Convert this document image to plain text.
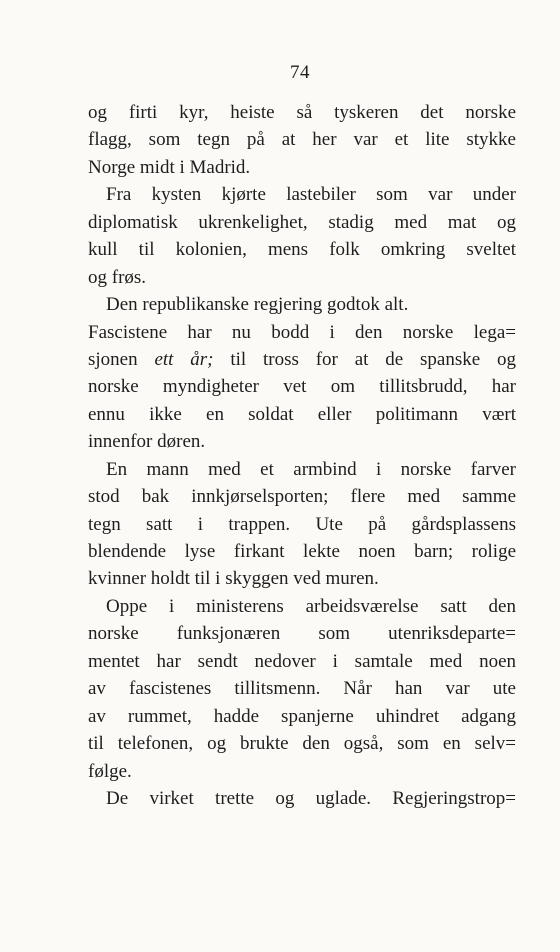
74
og firti kyr, heiste så tyskeren det norske
flagg, som tegn på at her var et lite stykke
Norge midt i Madrid.
Fra kysten kjørte lastebiler som var under
diplomatisk ukrenkelighet, stadig med mat og
kull til kolonien, mens folk omkring sveltet
og frøs.
Den republikanske regjering godtok alt.
Fascistene har nu bodd i den norske lega=
sjonen ett år; til tross for at de spanske og
norske myndigheter vet om tillitsbrudd, har
ennu ikke en soldat eller politimann vært
innenfor døren.
En mann med et armbind i norske farver
stod bak innkjørselsporten; flere med samme
tegn satt i trappen. Ute på gårdsplassens
blendende lyse firkant lekte noen barn; rolige
kvinner holdt til i skyggen ved muren.
Oppe i ministerens arbeidsværelse satt den
norske funksjonæren som utenriksdeparte=
mentet har sendt nedover i samtale med noen
av fascistenes tillitsmenn. Når han var ute
av rummet, hadde spanjerne uhindret adgang
til telefonen, og brukte den også, som en selv=
følge.
De virket trette og uglade. Regjeringstrop=
